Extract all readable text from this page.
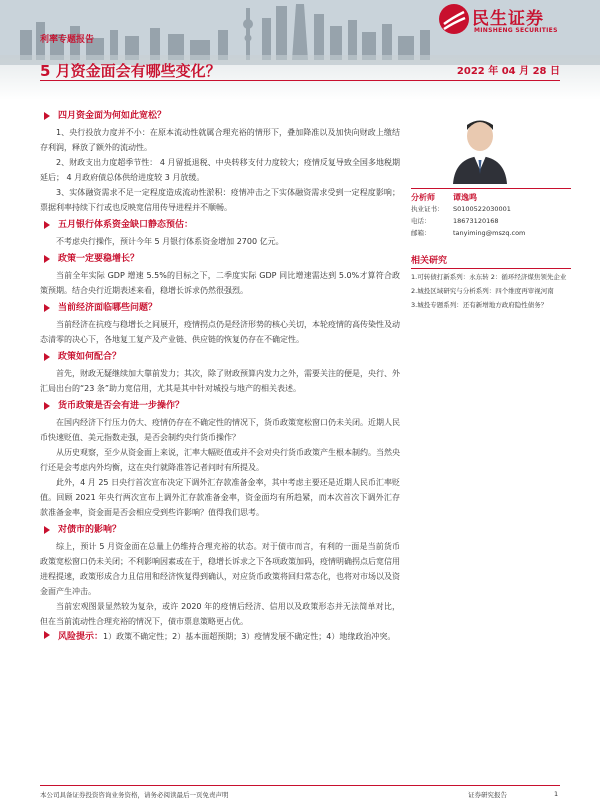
利率专题报告
5 月资金面会有哪些变化？	2022 年 04 月 28 日
民生证券
MINSHENG SECURITIES
四月资金面为何如此宽松？

1、央行投放力度并不小：在原本流动性就属合理充裕的情形下，叠加降准以及加快向财政上缴结存利润，释放了额外的流动性。

2、财政支出力度超季节性： 4 月留抵退税、中央转移支付力度较大；疫情反复导致全国多地税期延后； 4 月政府债总体供给进度较 3 月放缓。

3、实体融资需求不足一定程度造成流动性淤积：疫情冲击之下实体融资需求受到一定程度影响；票据利率持续下行或也反映宽信用传导进程并不顺畅。

五月银行体系资金缺口静态预估：

不考虑央行操作，预计今年 5 月银行体系资金增加 2700 亿元。

政策一定要稳增长？

当前全年实际 GDP 增速 5.5%的目标之下，二季度实际 GDP 同比增速需达到 5.0%才算符合政策预期。结合央行近期表述来看，稳增长诉求仍然很强烈。

当前经济面临哪些问题？

当前经济在抗疫与稳增长之间展开，疫情拐点仍是经济形势的核心关切，本轮疫情的高传染性及动态清零的决心下，各地复工复产及产业链、供应链的恢复仍存在不确定性。

政策如何配合？

首先，财政无疑继续加大靠前发力；其次，除了财政预算内发力之外，需要关注的便是，央行、外汇局出台的“23 条”助力宽信用，尤其是其中针对城投与地产的相关表述。

货币政策是否会有进一步操作？

在国内经济下行压力仍大、疫情仍存在不确定性的情况下，货币政策宽松窗口仍未关闭。近期人民币快速贬值、美元指数走强，是否会制约央行货币操作？

从历史观察，至少从资金面上来说，汇率大幅贬值或并不会对央行货币政策产生根本制约。当然央行还是会考虑内外均衡，这在央行就降准答记者问时有所提及。

此外，4 月 25 日央行首次宣布决定下调外汇存款准备金率，其中考虑主要还是近期人民币汇率贬值。回顾 2021 年央行两次宣布上调外汇存款准备金率，资金面均有所趋紧，而本次首次下调外汇存款准备金率，资金面是否会相应受到些许影响？值得我们思考。

对债市的影响？

综上，预计 5 月资金面在总量上仍维持合理充裕的状态。对于债市而言，有利的一面是当前货币政策宽松窗口仍未关闭；不利影响因素或在于，稳增长诉求之下各项政策加码，疫情明确拐点后宽信用进程提速，政策形成合力且信用和经济恢复得到确认，对应货币政策将回归常态化，也将对市场以及资金面产生冲击。

当前宏观图景显然较为复杂，或许 2020 年的疫情后经济、信用以及政策形态并无法简单对比，但在当前流动性合理充裕的情况下，债市票息策略更占优。

风险提示：1）政策不确定性；2）基本面超预期；3）疫情发展不确定性；4）地缘政治冲突。

分析师	谭逸鸣
执业证书：	S0100522030001
电话：	18673120168
邮箱：	tanyiming@mszq.com
相关研究
1.可转债打新系列：永东转 2：循环经济煤焦领先企业
2.城投区域研究与分析系列：四个维度再审视河南
3.城投专题系列：还有新增地方政府隐性债务？
本公司具备证券投资咨询业务资格，请务必阅读最后一页免责声明	证券研究报告	1
